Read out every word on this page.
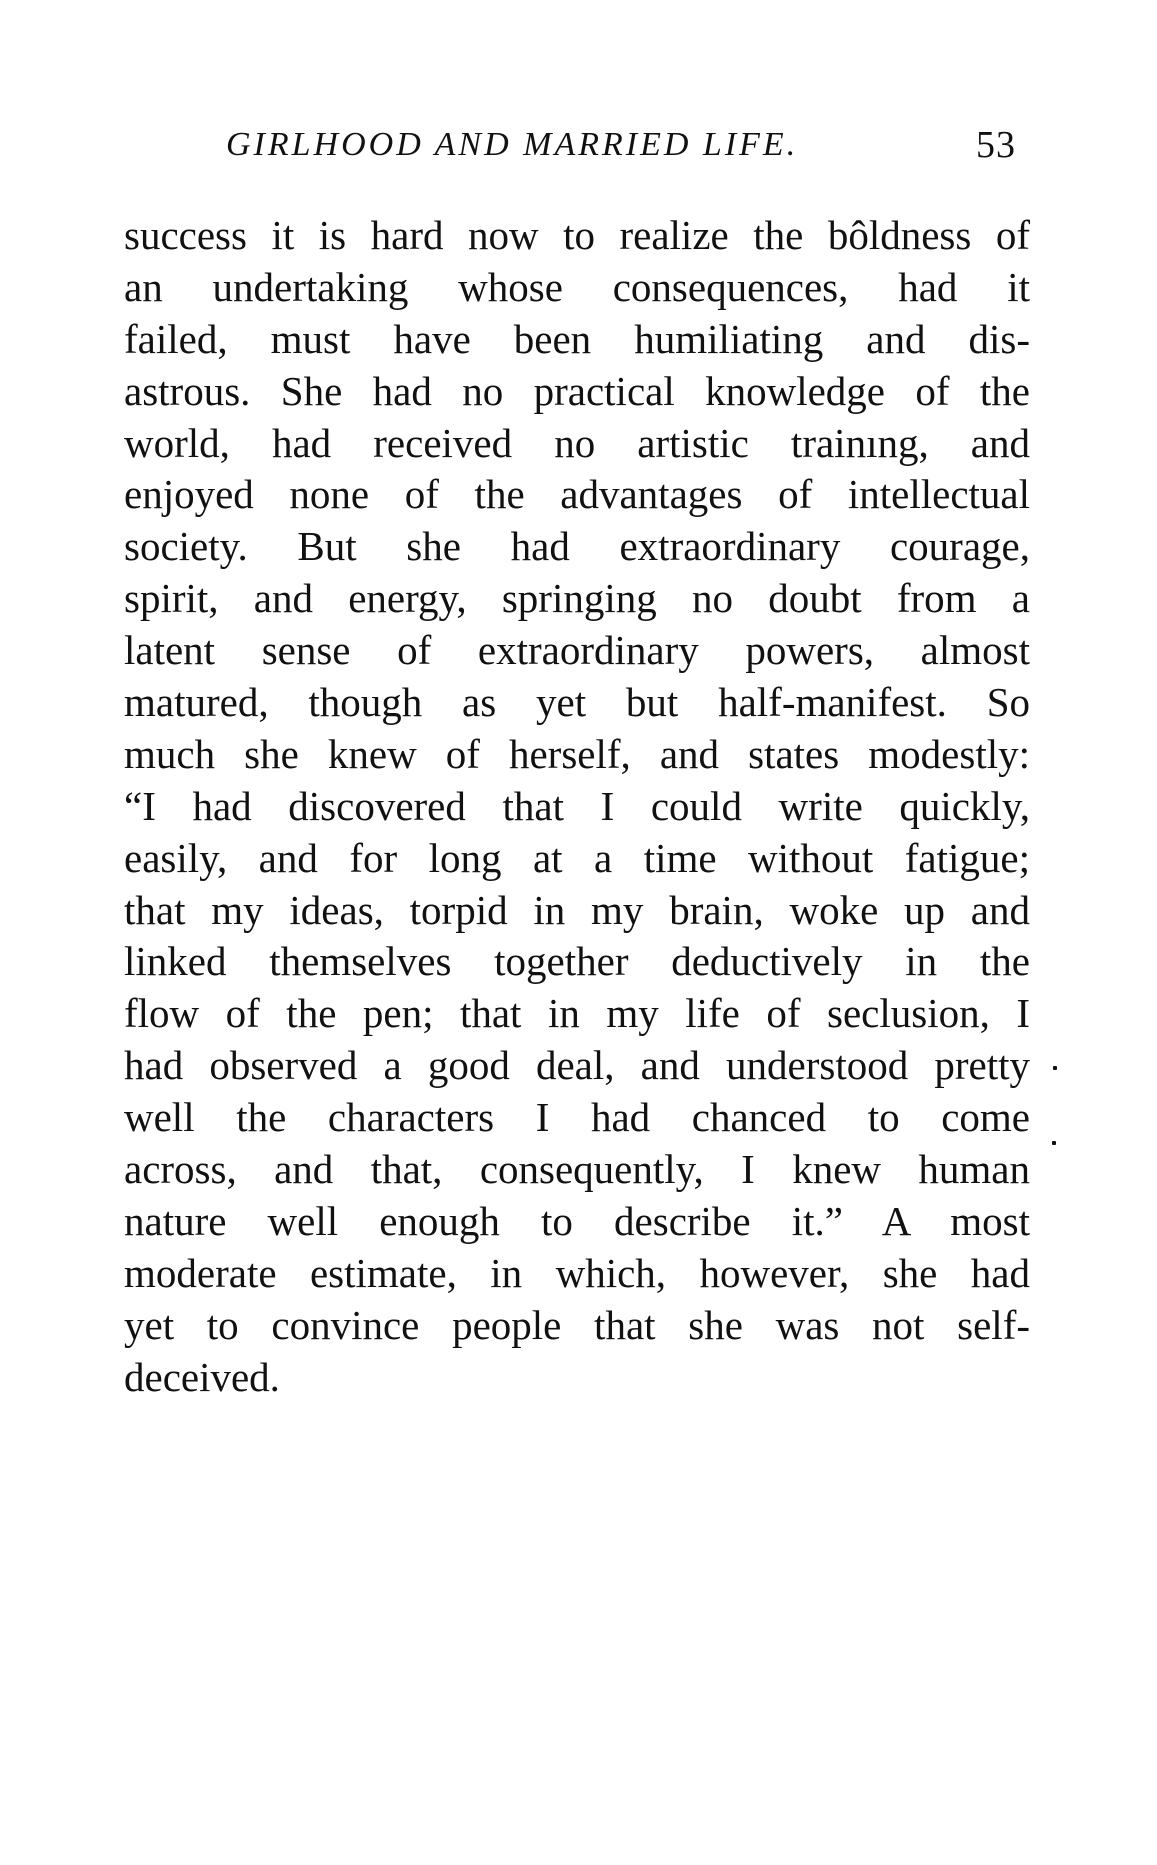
GIRLHOOD AND MARRIED LIFE.	53
success it is hard now to realize the bôldness of
an undertaking whose consequences, had it
failed, must have been humiliating and dis-
astrous. She had no practical knowledge of the
world, had received no artistic trainıng, and
enjoyed none of the advantages of intellectual
society. But she had extraordinary courage,
spirit, and energy, springing no doubt from a
latent sense of extraordinary powers, almost
matured, though as yet but half-manifest. So
much she knew of herself, and states modestly:
“I had discovered that I could write quickly,
easily, and for long at a time without fatigue;
that my ideas, torpid in my brain, woke up and
linked themselves together deductively in the
flow of the pen; that in my life of seclusion, I
had observed a good deal, and understood pretty
well the characters I had chanced to come
across, and that, consequently, I knew human
nature well enough to describe it.” A most
moderate estimate, in which, however, she had
yet to convince people that she was not self-
deceived.
